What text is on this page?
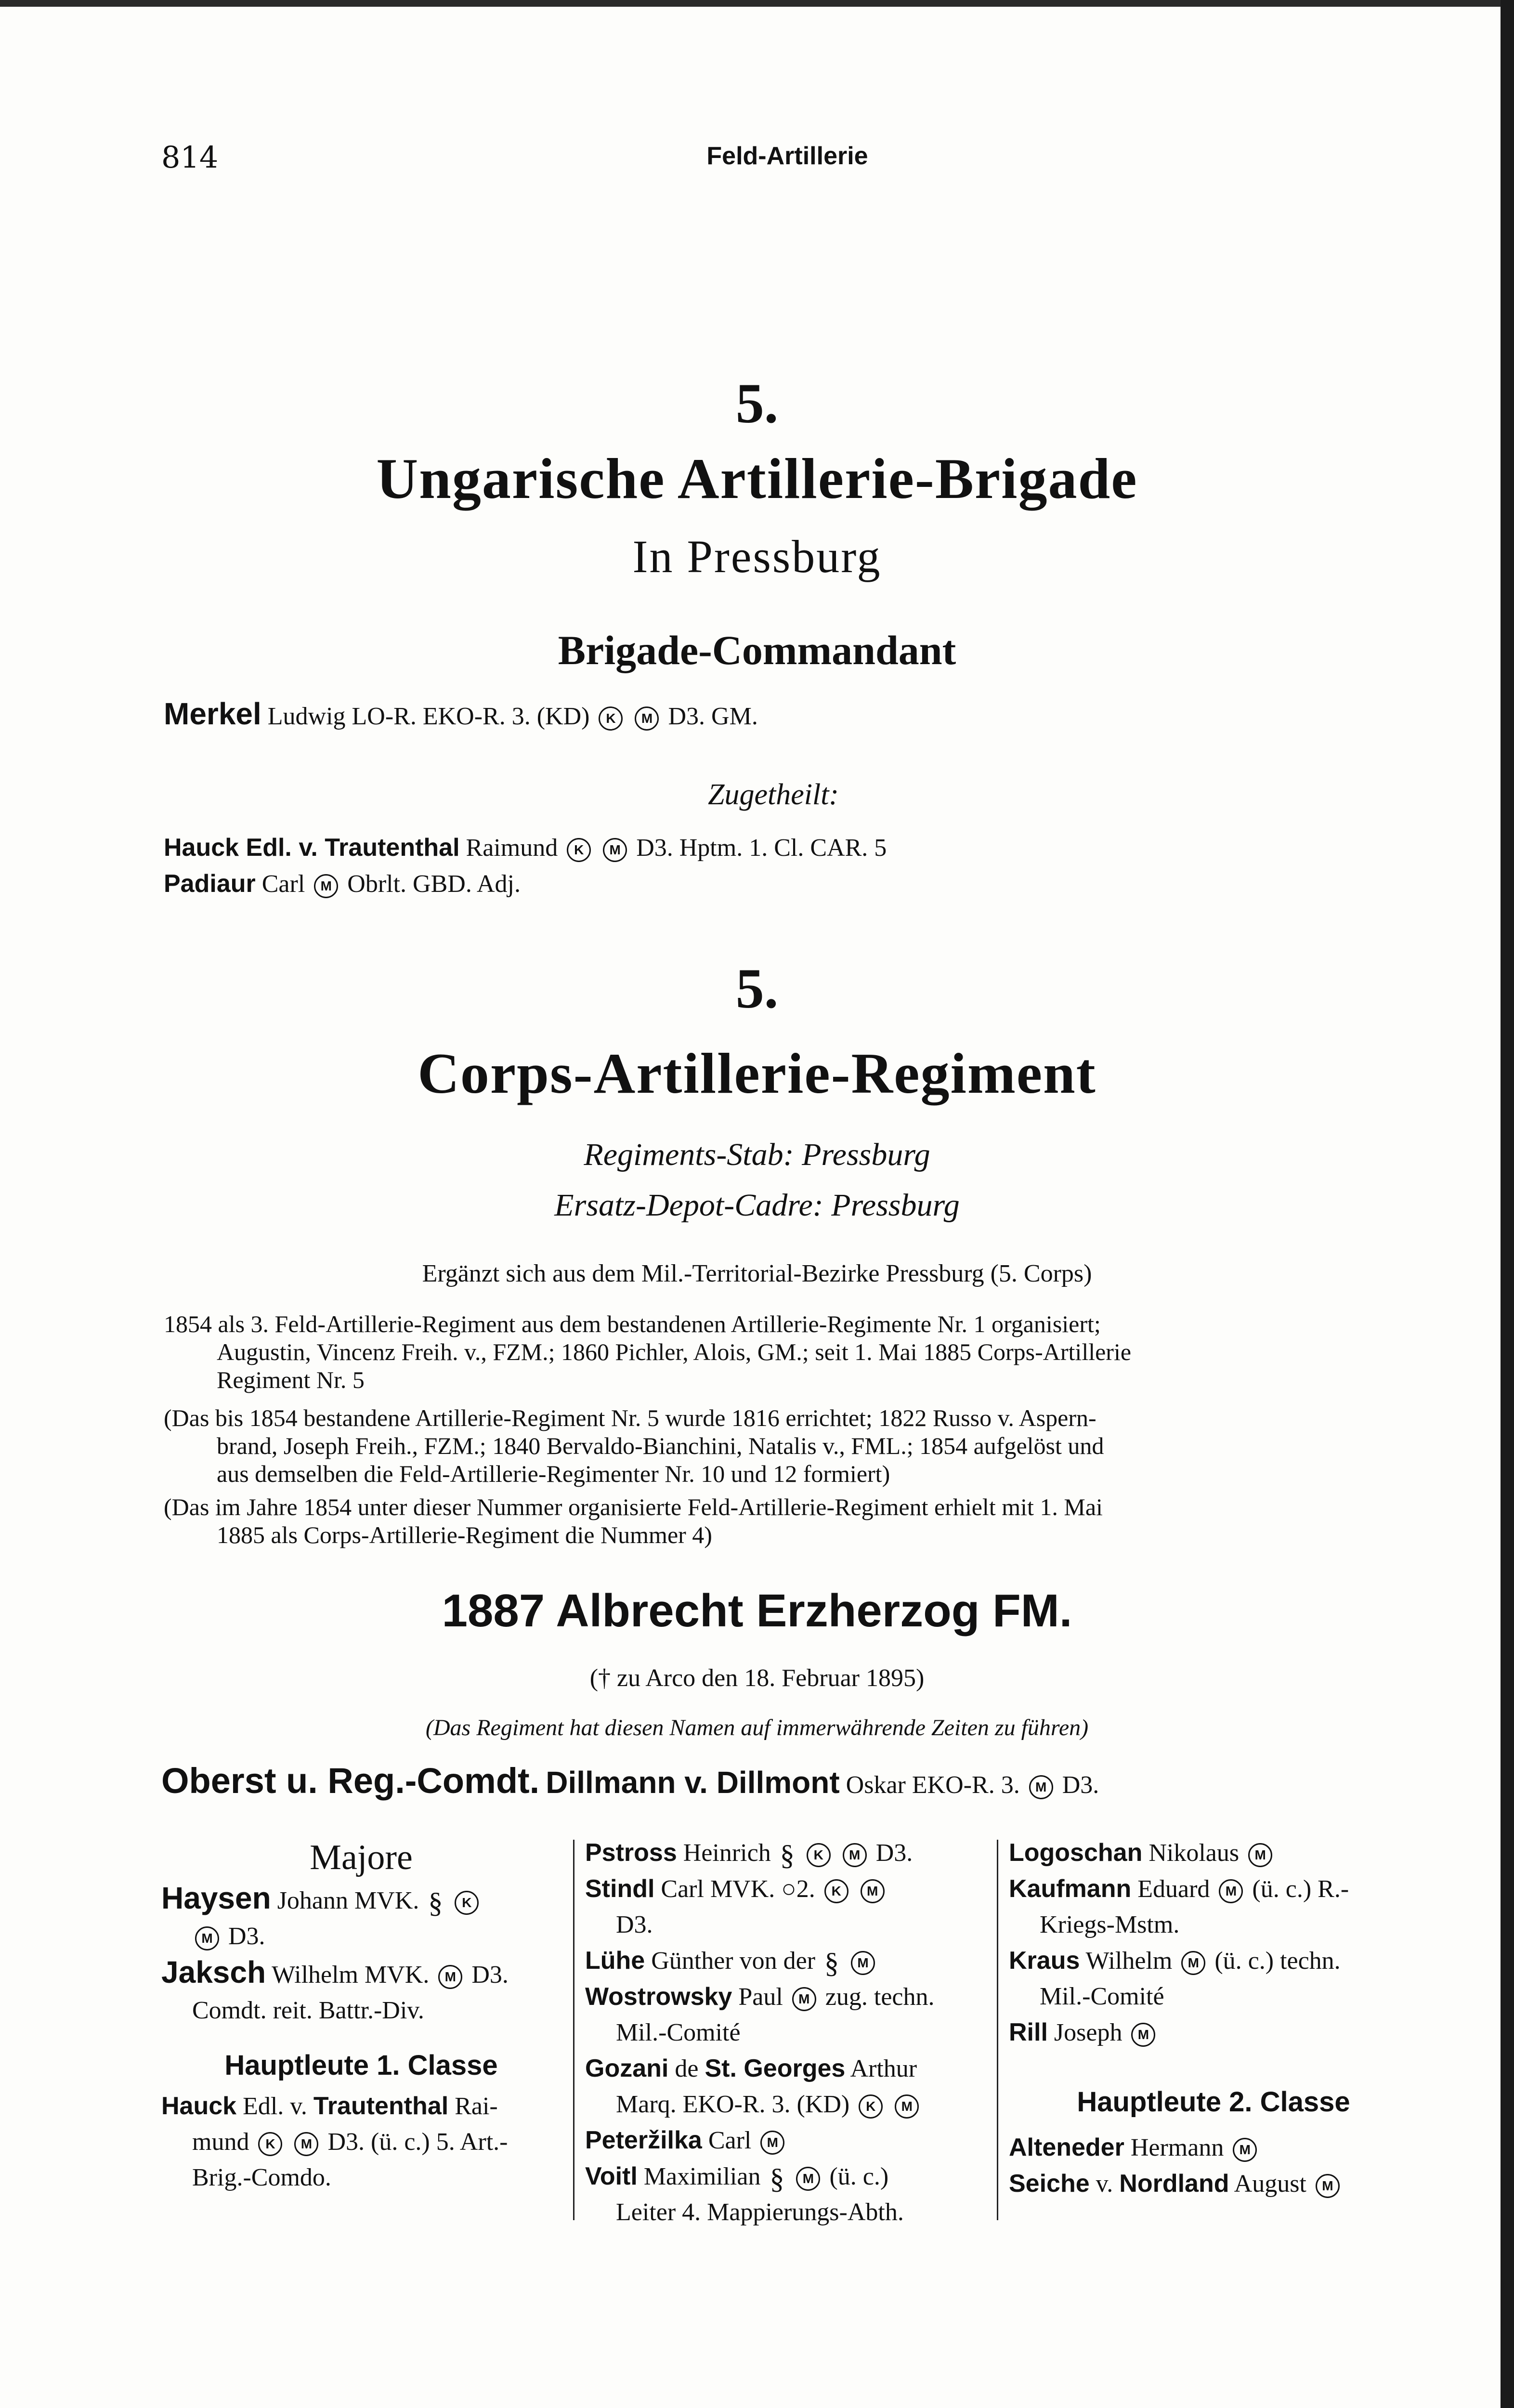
814	Feld-Artillerie
5.
Ungarische Artillerie-Brigade
In Pressburg
Brigade-Commandant
Merkel Ludwig LO-R. EKO-R. 3. (KD) K M D3. GM.
Zugetheilt:
Hauck Edl. v. Trautenthal Raimund K M D3. Hptm. 1. Cl. CAR. 5
Padiaur Carl M Obrlt. GBD. Adj.
5.
Corps-Artillerie-Regiment
Regiments-Stab: Pressburg
Ersatz-Depot-Cadre: Pressburg
Ergänzt sich aus dem Mil.-Territorial-Bezirke Pressburg (5. Corps)
1854 als 3. Feld-Artillerie-Regiment aus dem bestandenen Artillerie-Regimente Nr. 1 organisiert;
Augustin, Vincenz Freih. v., FZM.; 1860 Pichler, Alois, GM.; seit 1. Mai 1885 Corps-Artillerie
Regiment Nr. 5
(Das bis 1854 bestandene Artillerie-Regiment Nr. 5 wurde 1816 errichtet; 1822 Russo v. Aspern-
brand, Joseph Freih., FZM.; 1840 Bervaldo-Bianchini, Natalis v., FML.; 1854 aufgelöst und
aus demselben die Feld-Artillerie-Regimenter Nr. 10 und 12 formiert)
(Das im Jahre 1854 unter dieser Nummer organisierte Feld-Artillerie-Regiment erhielt mit 1. Mai
1885 als Corps-Artillerie-Regiment die Nummer 4)
1887 Albrecht Erzherzog FM.
(† zu Arco den 18. Februar 1895)
(Das Regiment hat diesen Namen auf immerwährende Zeiten zu führen)
Oberst u. Reg.-Comdt. Dillmann v. Dillmont Oskar EKO-R. 3. M D3.
Majore
Haysen Johann MVK. § K
M D3.
Jaksch Wilhelm MVK. M D3.
Comdt. reit. Battr.-Div.
Hauptleute 1. Classe
Hauck Edl. v. Trautenthal Rai-
mund K M D3. (ü. c.) 5. Art.-
Brig.-Comdo.
Pstross Heinrich § K M D3.
Stindl Carl MVK. ○2. K M
D3.
Lühe Günther von der § M
Wostrowsky Paul M zug. techn.
Mil.-Comité
Gozani de St. Georges Arthur
Marq. EKO-R. 3. (KD) K M
Peteržilka Carl M
Voitl Maximilian § M (ü. c.)
Leiter 4. Mappierungs-Abth.
Logoschan Nikolaus M
Kaufmann Eduard M (ü. c.) R.-
Kriegs-Mstm.
Kraus Wilhelm M (ü. c.) techn.
Mil.-Comité
Rill Joseph M
Hauptleute 2. Classe
Alteneder Hermann M
Seiche v. Nordland August M
